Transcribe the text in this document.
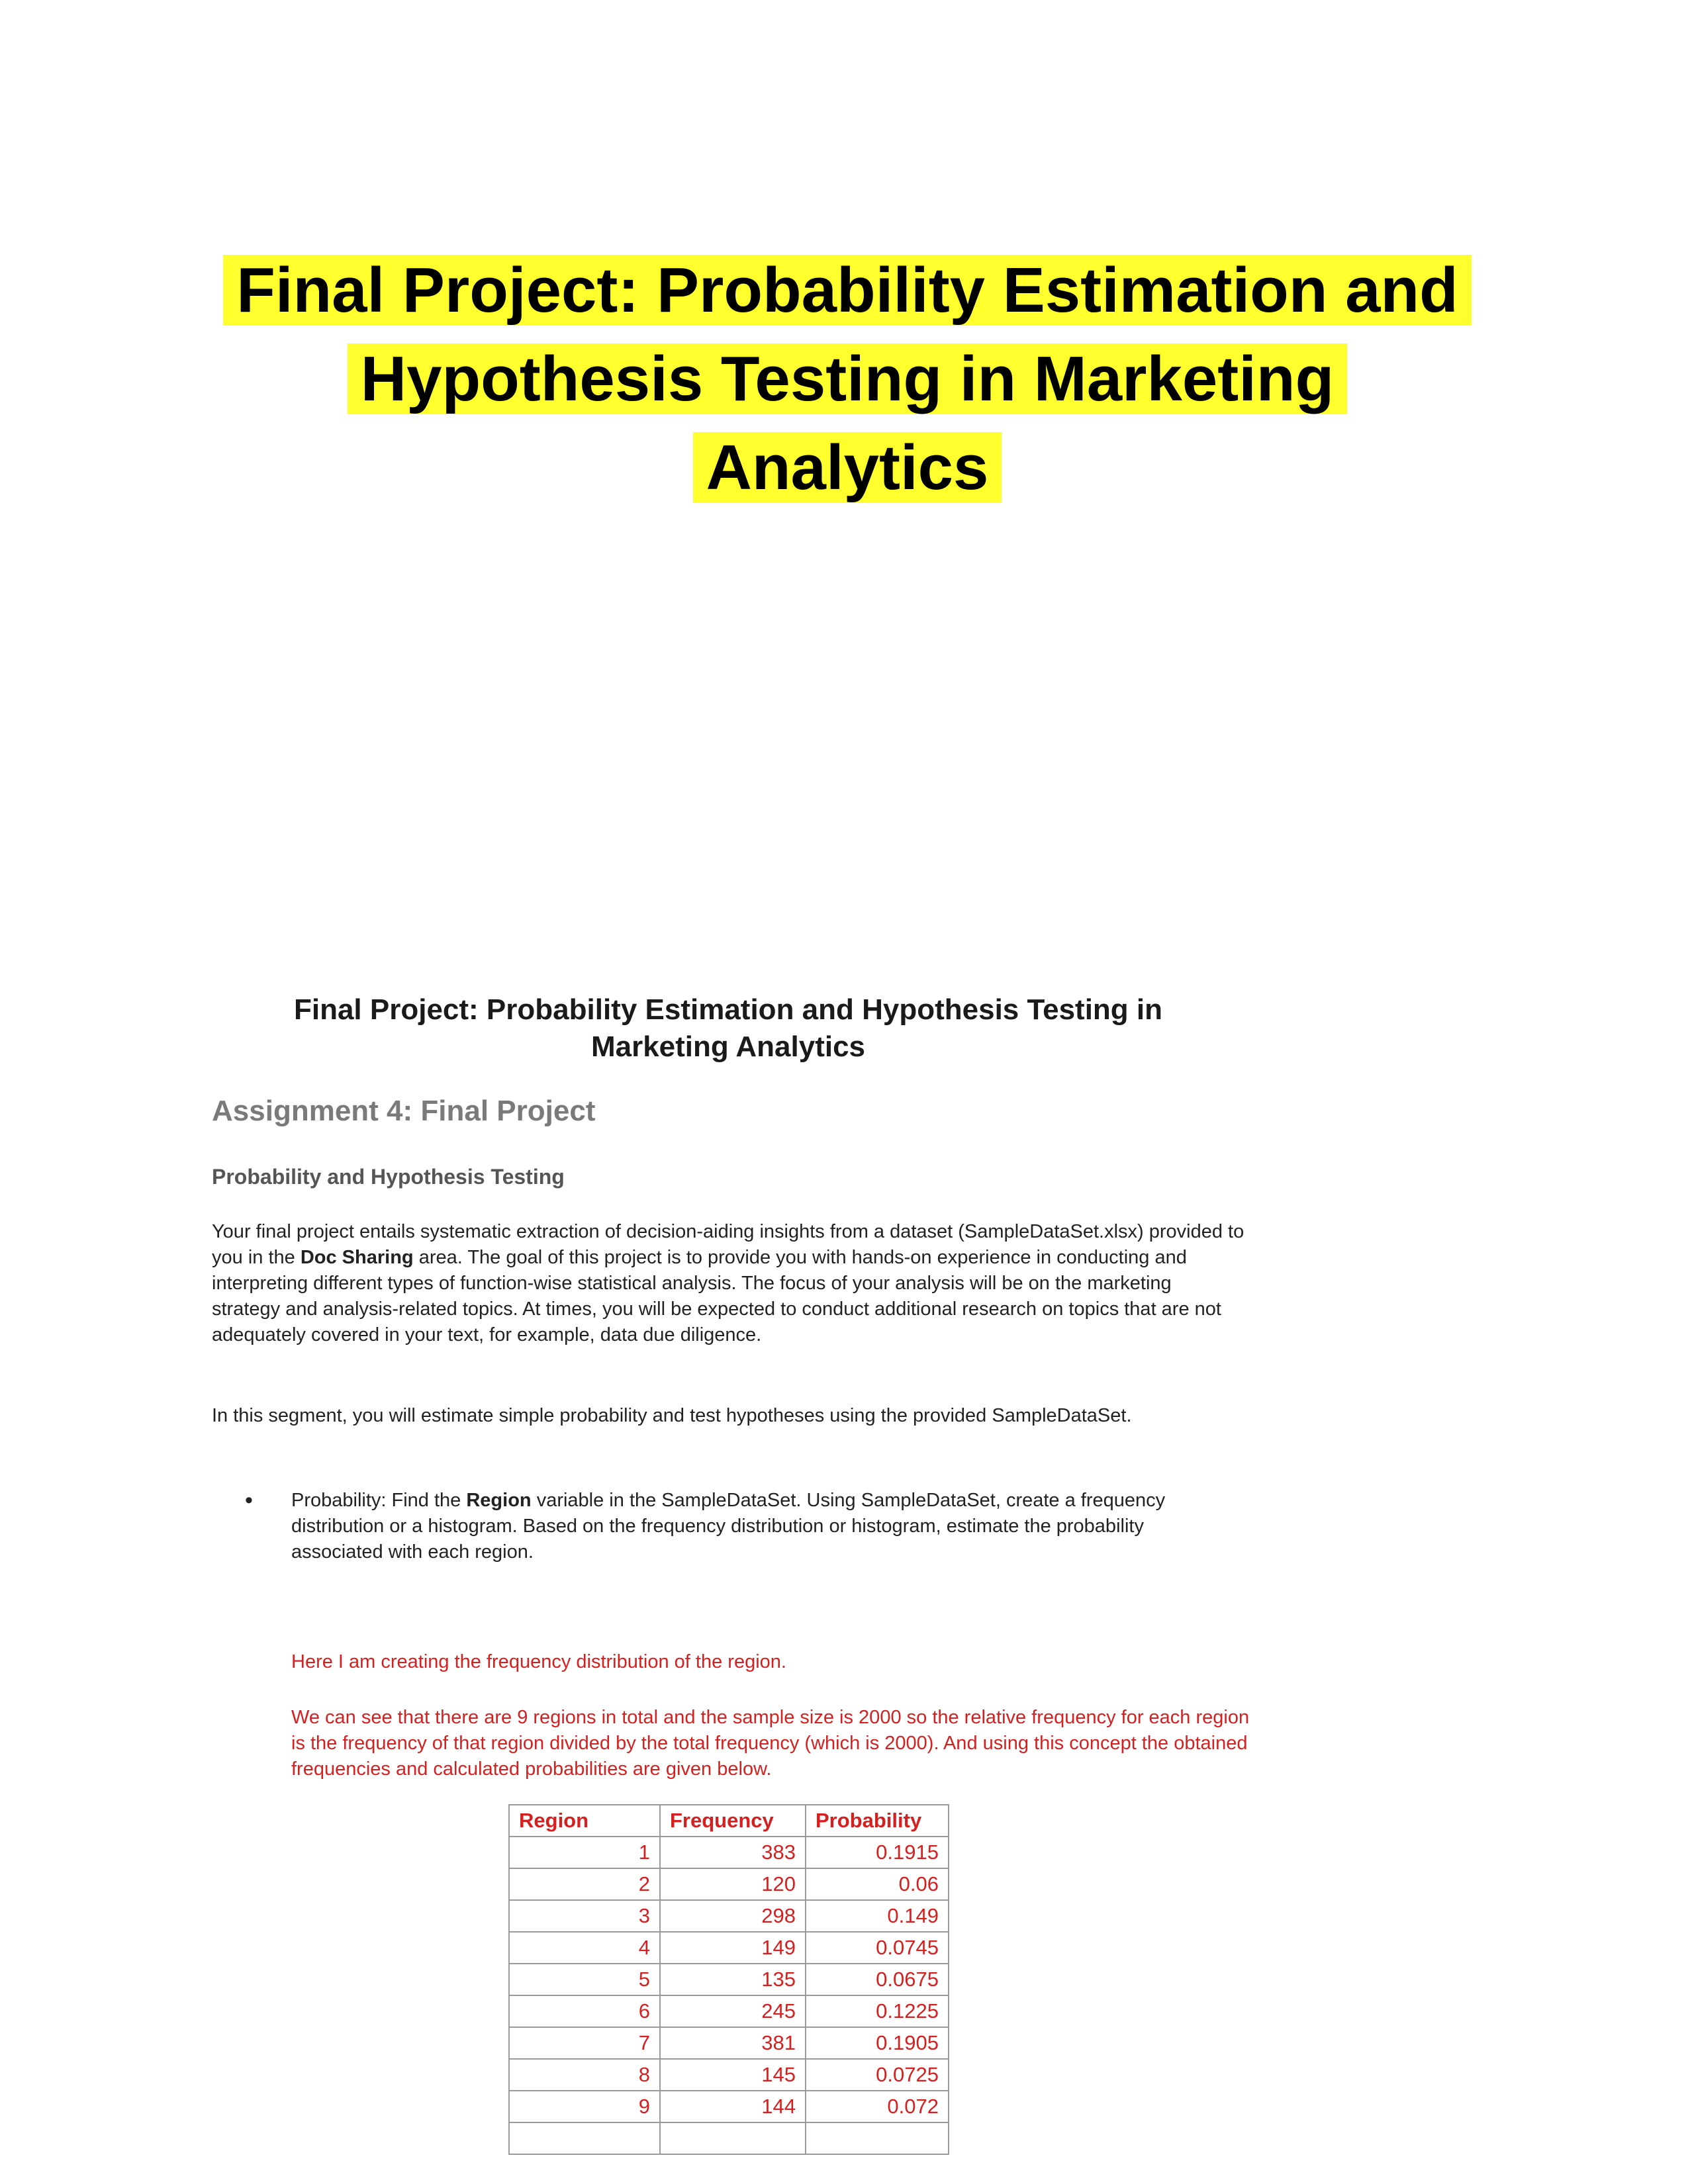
Final Project: Probability Estimation and
Hypothesis Testing in Marketing
Analytics
Final Project: Probability Estimation and Hypothesis Testing in
Marketing Analytics
Assignment 4: Final Project
Probability and Hypothesis Testing
Your final project entails systematic extraction of decision-aiding insights from a dataset (SampleDataSet.xlsx) provided to you in the Doc Sharing area. The goal of this project is to provide you with hands-on experience in conducting and interpreting different types of function-wise statistical analysis. The focus of your analysis will be on the marketing strategy and analysis-related topics. At times, you will be expected to conduct additional research on topics that are not adequately covered in your text, for example, data due diligence.
In this segment, you will estimate simple probability and test hypotheses using the provided SampleDataSet.
• Probability: Find the Region variable in the SampleDataSet. Using SampleDataSet, create a frequency distribution or a histogram. Based on the frequency distribution or histogram, estimate the probability associated with each region.
Here I am creating the frequency distribution of the region.
We can see that there are 9 regions in total and the sample size is 2000 so the relative frequency for each region is the frequency of that region divided by the total frequency (which is 2000). And using this concept the obtained frequencies and calculated probabilities are given below.
Region	Frequency	Probability
1	383	0.1915
2	120	0.06
3	298	0.149
4	149	0.0745
5	135	0.0675
6	245	0.1225
7	381	0.1905
8	145	0.0725
9	144	0.072
